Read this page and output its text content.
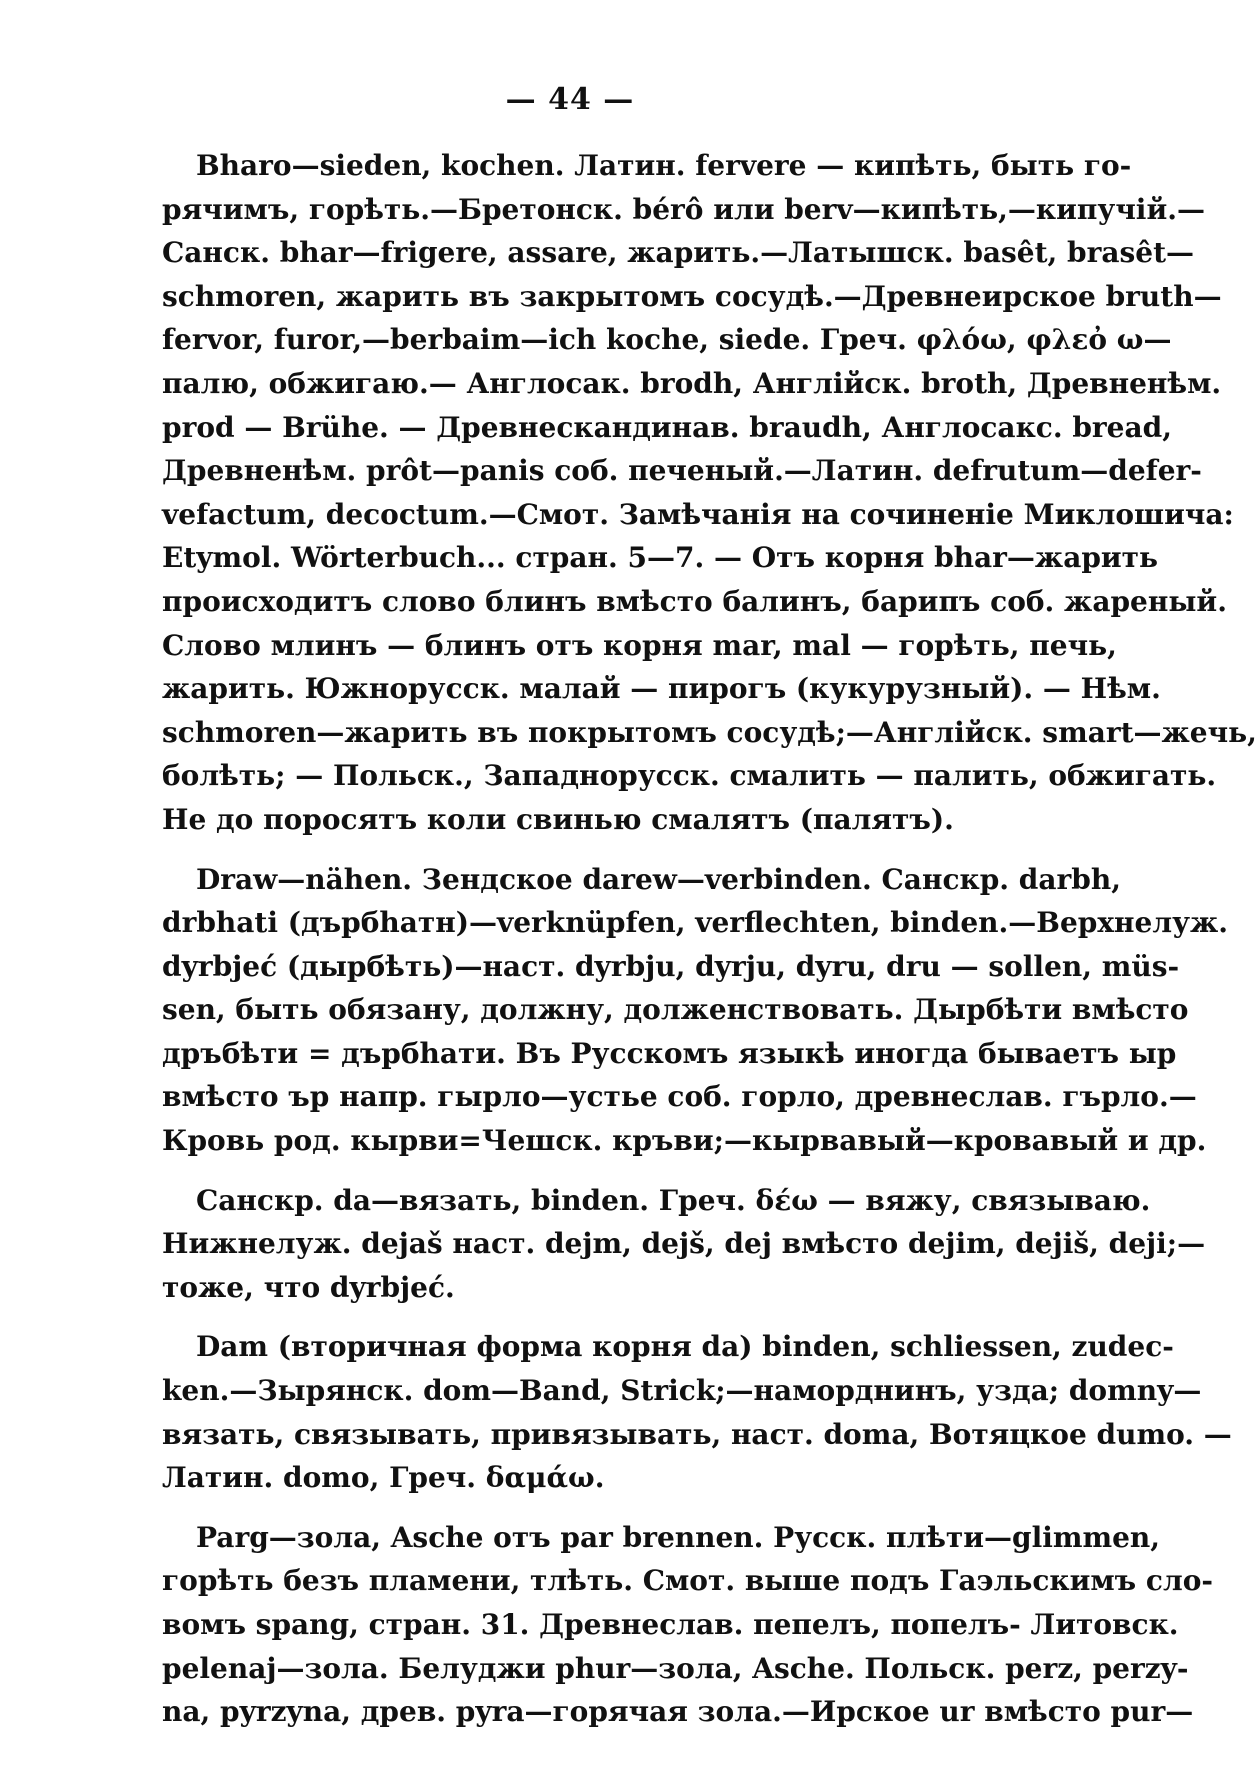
— 44 —
Bharo—sieden, kochen. Латин. fervere — кипѣть, быть го-
рячимъ, горѣть.—Бретонск. bérô или berv—кипѣть,—кипучiй.—
Санск. bhar—frigere, assare, жарить.—Латышск. basêt, brasêt—
schmoren, жарить въ закрытомъ сосудѣ.—Древнеирское bruth—
fervor, furor,—berbaim—ich koche, siede. Греч. φλόω, φλεὀ ω—
палю, обжигаю.— Англосак. brodh, Англійск. broth, Древненѣм.
prod — Brühe. — Древнескандинав. braudh, Англосакс. bread,
Древненѣм. prôt—panis соб. печеный.—Латин. defrutum—defer-
vefactum, decoctum.—Смот. Замѣчанія на сочиненіе Миклошича:
Etymol. Wörterbuch... стран. 5—7. — Отъ корня bhar—жарить
происходитъ слово блинъ вмѣсто балинъ, барипъ соб. жареный.
Слово млинъ — блинъ отъ корня mar, mal — горѣть, печь,
жарить. Южнорусск. малай — пирогъ (кукурузный). — Нѣм.
schmoren—жарить въ покрытомъ сосудѣ;—Англійск. smart—жечь,
болѣть; — Польск., Западнорусск. смалить — палить, обжигать.
Не до поросятъ коли свинью смалятъ (палятъ).
Draw—nähen. Зендское darew—verbinden. Санскр. darbh,
drbhati (дърбhатн)—verknüpfen, verflechten, binden.—Верхнелуж.
dyrbjeć (дырбѣть)—наст. dyrbju, dyrju, dyru, dru — sollen, müs-
sen, быть обязану, должну, долженствовать. Дырбѣти вмѣсто
дръбѣти = дърбhати. Въ Русскомъ языкѣ иногда бываетъ ыр
вмѣсто ър напр. гырло—устье соб. горло, древнеслав. гърло.—
Кровь род. кырви=Чешск. кръви;—кырвавый—кровавый и др.
Санскр. da—вязать, binden. Греч. δέω — вяжу, связываю.
Нижнелуж. dejaš наст. dejm, dejš, dej вмѣсто dejim, dejiš, deji;—
тоже, что dyrbjeć.
Dam (вторичная форма корня da) binden, schliessen, zudec-
ken.—Зырянск. dom—Band, Strick;—наморднинъ, узда; domny—
вязать, связывать, привязывать, наст. doma, Вотяцкое dumo. —
Латин. domo, Греч. δαμάω.
Parg—зола, Asche отъ par brennen. Русск. плѣти—glimmen,
горѣть безъ пламени, тлѣть. Смот. выше подъ Гаэльскимъ сло-
вомъ spang, стран. 31. Древнеслав. пепелъ, попелъ- Литовск.
pelenaj—зола. Белуджи phur—зола, Asche. Польск. perz, perzy-
na, pyrzyna, древ. pyra—горячая зола.—Ирское ur вмѣсто pur—
